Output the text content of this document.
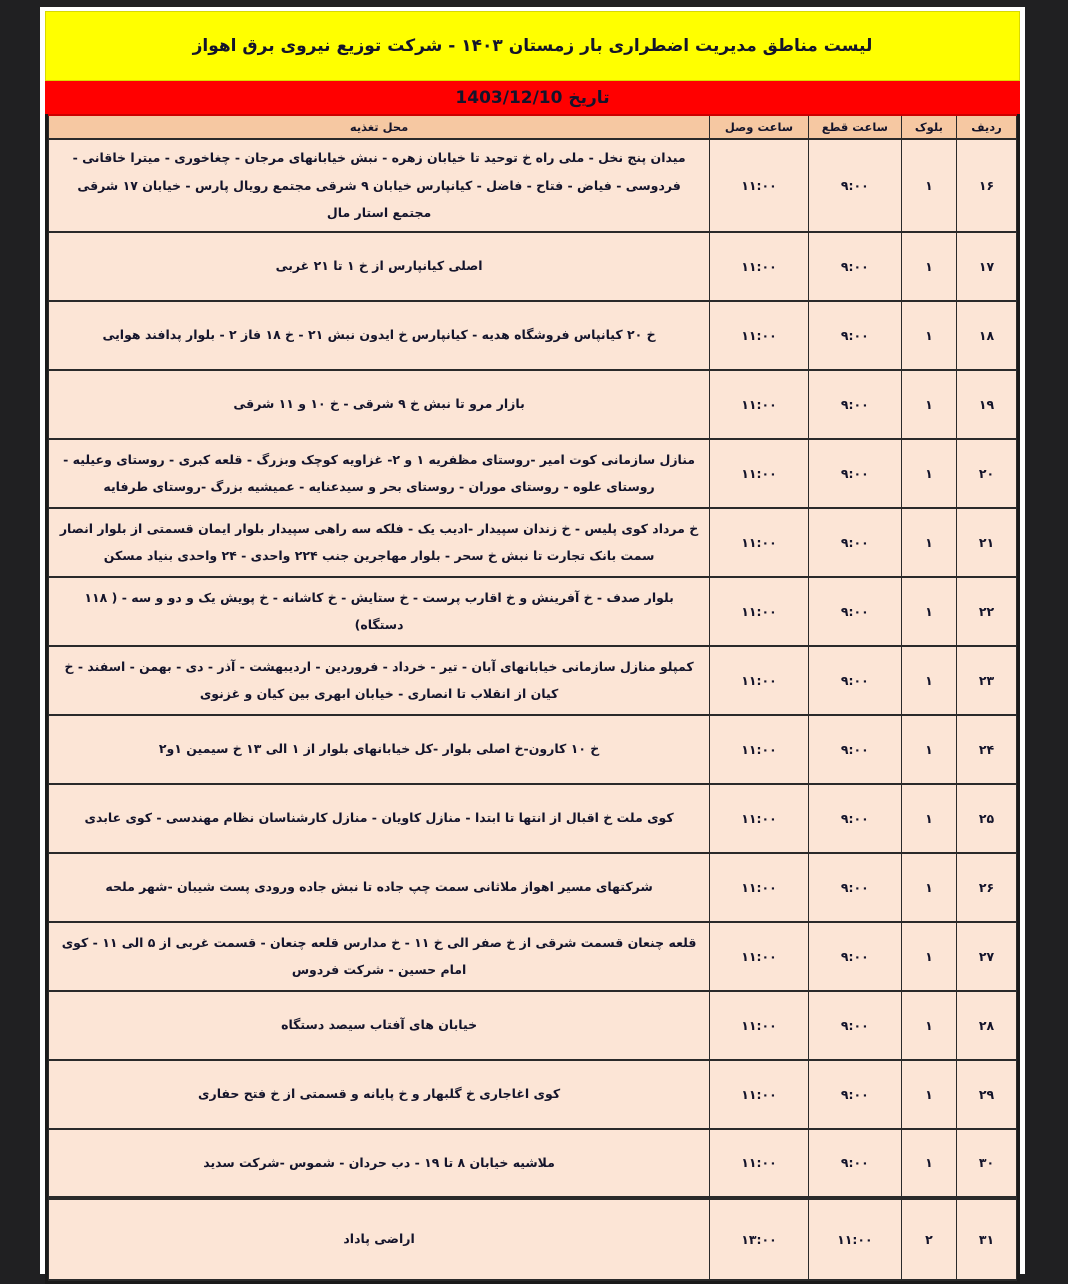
لیست مناطق مدیریت اضطراری بار زمستان ۱۴۰۳ - شرکت توزیع نیروی برق اهواز
تاریخ 1403/12/10
ردیف	بلوک	ساعت قطع	ساعت وصل	محل تغذیه
۱۶	۱	۹:۰۰	۱۱:۰۰	میدان پنج نخل - ملی راه خ توحید تا خیابان زهره - نبش خیابانهای مرجان - چغاخوری - میترا خاقانی - فردوسی - فیاض - فتاح - فاضل - کیانپارس خیابان ۹ شرقی مجتمع رویال پارس - خیابان ۱۷ شرقی مجتمع استار مال
۱۷	۱	۹:۰۰	۱۱:۰۰	اصلی کیانپارس از خ ۱ تا ۲۱ غربی
۱۸	۱	۹:۰۰	۱۱:۰۰	خ ۲۰ کیانپاس فروشگاه هدیه - کیانپارس خ ایدون نبش ۲۱ - خ ۱۸ فاز ۲ - بلوار پدافند هوایی
۱۹	۱	۹:۰۰	۱۱:۰۰	بازار مرو تا نبش خ ۹ شرقی - خ ۱۰ و ۱۱ شرقی
۲۰	۱	۹:۰۰	۱۱:۰۰	منازل سازمانی کوت امیر -روستای مظفریه ۱ و ۲- غزاویه کوچک وبزرگ - قلعه کبری - روستای وعیلیه - روستای علوه - روستای موران - روستای بحر و سیدعنایه - عمیشیه بزرگ -روستای طرفایه
۲۱	۱	۹:۰۰	۱۱:۰۰	خ مرداد کوی پلیس - خ زندان سپیدار -ادیب یک - فلکه سه راهی سپیدار بلوار ایمان قسمتی از بلوار انصار سمت بانک تجارت تا نبش خ سحر - بلوار مهاجرین جنب ۲۲۴ واحدی - ۲۴ واحدی بنیاد مسکن
۲۲	۱	۹:۰۰	۱۱:۰۰	بلوار صدف - خ آفرینش و خ اقارب پرست - خ ستایش - خ کاشانه - خ پویش یک و دو و سه - ( ۱۱۸ دستگاه)
۲۳	۱	۹:۰۰	۱۱:۰۰	کمپلو منازل سازمانی خیابانهای آبان - تیر - خرداد - فروردین - اردیبهشت - آذر - دی - بهمن - اسفند - خ کیان از انقلاب تا انصاری - خیابان ابهری بین کیان و غزنوی
۲۴	۱	۹:۰۰	۱۱:۰۰	خ ۱۰ کارون-خ اصلی بلوار -کل خیابانهای بلوار از ۱ الی ۱۳ خ سیمین ۱و۲
۲۵	۱	۹:۰۰	۱۱:۰۰	کوی ملت خ اقبال از انتها تا ابتدا - منازل کاویان - منازل کارشناسان نظام مهندسی - کوی عابدی
۲۶	۱	۹:۰۰	۱۱:۰۰	شرکتهای مسیر اهواز ملاثانی سمت چپ جاده تا نبش جاده ورودی پست شیبان -شهر ملحه
۲۷	۱	۹:۰۰	۱۱:۰۰	قلعه چنعان قسمت شرقی از خ صفر الی خ ۱۱ - خ مدارس قلعه چنعان - قسمت غربی از ۵ الی ۱۱ - کوی امام حسین - شرکت فردوس
۲۸	۱	۹:۰۰	۱۱:۰۰	خیابان های آفتاب سیصد دستگاه
۲۹	۱	۹:۰۰	۱۱:۰۰	کوی اغاجاری خ گلبهار و خ پایانه و قسمتی از خ فتح حفاری
۳۰	۱	۹:۰۰	۱۱:۰۰	ملاشیه خیابان ۸ تا ۱۹ - دب حردان - شموس -شرکت سدید
۳۱	۲	۱۱:۰۰	۱۳:۰۰	اراضی پاداد
